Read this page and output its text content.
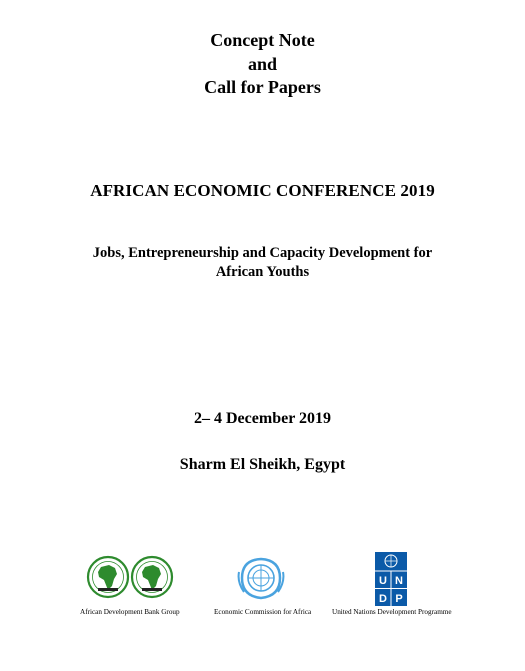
Concept Note
and
Call for Papers
AFRICAN ECONOMIC CONFERENCE 2019
Jobs, Entrepreneurship and Capacity Development for
African Youths
2– 4 December 2019
Sharm El Sheikh, Egypt
African Development Bank Group	Economic Commission for Africa
U N
D P
United Nations Development Programme
